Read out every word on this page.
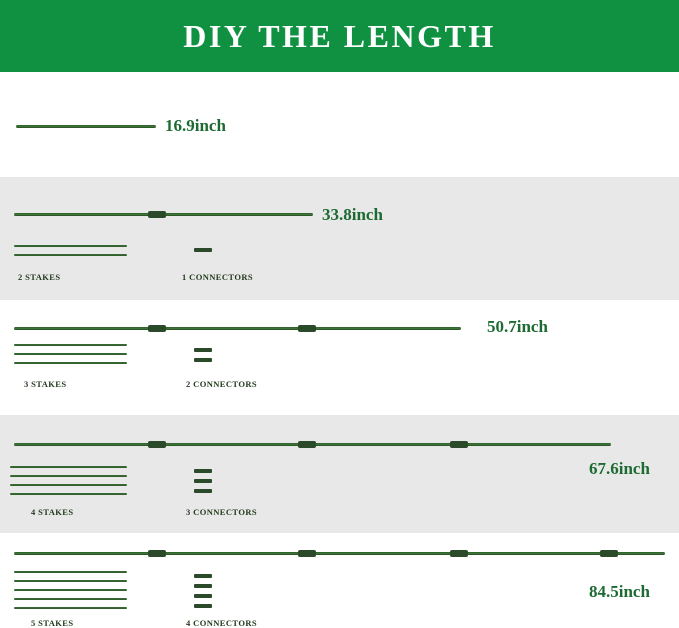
DIY THE LENGTH
16.9inch
33.8inch
2 STAKES	1 CONNECTORS
50.7inch
3 STAKES	2 CONNECTORS
67.6inch
4 STAKES	3 CONNECTORS
84.5inch
5 STAKES	4 CONNECTORS
